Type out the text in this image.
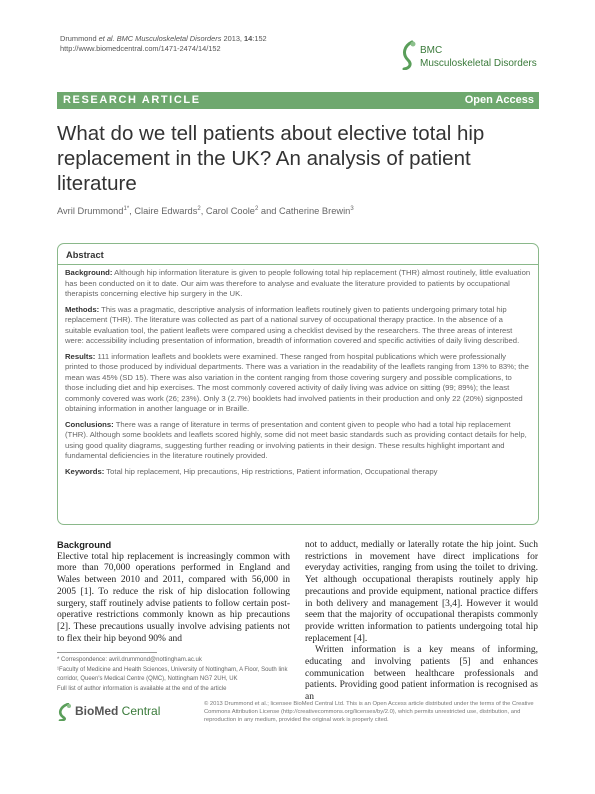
Drummond et al. BMC Musculoskeletal Disorders 2013, 14:152
http://www.biomedcentral.com/1471-2474/14/152	BMC
Musculoskeletal Disorders
RESEARCH ARTICLE	Open Access
What do we tell patients about elective total hip replacement in the UK? An analysis of patient literature
Avril Drummond$^{1*}$, Claire Edwards$^2$, Carol Coole$^2$ and Catherine Brewin$^3$
Abstract

Background: Although hip information literature is given to people following total hip replacement (THR) almost routinely, little evaluation has been conducted on it to date. Our aim was therefore to analyse and evaluate the literature provided to patients by occupational therapists concerning elective hip surgery in the UK.

Methods: This was a pragmatic, descriptive analysis of information leaflets routinely given to patients undergoing primary total hip replacement (THR). The literature was collected as part of a national survey of occupational therapy practice. In the absence of a suitable evaluation tool, the patient leaflets were compared using a checklist devised by the researchers. The three areas of interest were: accessibility including presentation of information, breadth of information covered and specific activities of daily living described.

Results: 111 information leaflets and booklets were examined. These ranged from hospital publications which were professionally printed to those produced by individual departments. There was a variation in the readability of the leaflets ranging from 13% to 83%; the mean was 45% (SD 15). There was also variation in the content ranging from those covering surgery and possible complications, to those including diet and hip exercises. The most commonly covered activity of daily living was advice on sitting (99; 89%); the least commonly covered was work (26; 23%). Only 3 (2.7%) booklets had involved patients in their production and only 22 (20%) signposted obtaining information in another language or in Braille.

Conclusions: There was a range of literature in terms of presentation and content given to people who had a total hip replacement (THR). Although some booklets and leaflets scored highly, some did not meet basic standards such as providing contact details for help, using good quality diagrams, suggesting further reading or involving patients in their design. These results highlight important and fundamental deficiencies in the literature routinely provided.

Keywords: Total hip replacement, Hip precautions, Hip restrictions, Patient information, Occupational therapy

Background

Elective total hip replacement is increasingly common with more than 70,000 operations performed in England and Wales between 2010 and 2011, compared with 56,000 in 2005 [1]. To reduce the risk of hip dislocation following surgery, staff routinely advise patients to follow certain post-operative restrictions commonly known as hip precautions [2]. These precautions usually involve advising patients not to flex their hip beyond 90% and

not to adduct, medially or laterally rotate the hip joint. Such restrictions in movement have direct implications for everyday activities, ranging from using the toilet to driving. Yet although occupational therapists routinely apply hip precautions and provide equipment, national practice differs in both delivery and management [3,4]. However it would seem that the majority of occupational therapists commonly provide written information to patients undergoing total hip replacement [4].

Written information is a key means of informing, educating and involving patients [5] and enhances communication between healthcare professionals and patients. Providing good patient information is recognised as an

* Correspondence: avril.drummond@nottingham.ac.uk

¹Faculty of Medicine and Health Sciences, University of Nottingham, A Floor, South link corridor, Queen's Medical Centre (QMC), Nottingham NG7 2UH, UK

Full list of author information is available at the end of the article

BioMed Central	© 2013 Drummond et al.; licensee BioMed Central Ltd. This is an Open Access article distributed under the terms of the Creative Commons Attribution License (http://creativecommons.org/licenses/by/2.0), which permits unrestricted use, distribution, and reproduction in any medium, provided the original work is properly cited.
